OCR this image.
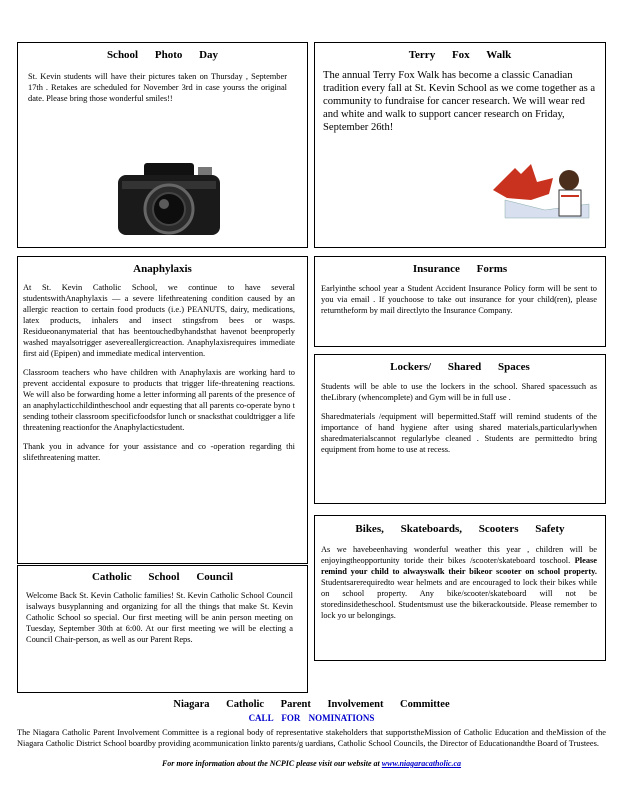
School Photo Day
St. Kevin students will have their pictures taken on Thursday , September 17th . Retakes are scheduled for November 3rd in case yourss the original date. Please bring those wonderful smiles!!
Terry Fox Walk
The annual Terry Fox Walk has become a classic Canadian tradition every fall at St. Kevin School as we come together as a community to fundraise for cancer research. We will wear red and white and walk to support cancer research on Friday, September 26th!
Anaphylaxis

At St. Kevin Catholic School, we continue to have several studentswithAnaphylaxis — a severe lifethreatening condition caused by an allergic reaction to certain food products (i.e.) PEANUTS, dairy, medications, latex products, inhalers and insect stingsfrom bees or wasps. Residueonanymaterial that has beentouchedbyhandsthat havenot beenproperly washed mayalsotrigger asevereallergicreaction. Anaphylaxisrequires immediate first aid (Epipen) and immediate medical intervention.

Classroom teachers who have children with Anaphylaxis are working hard to prevent accidental exposure to products that trigger life-threatening reactions. We will also be forwarding home a letter informing all parents of the presence of an anaphylacticchildintheschool andr equesting that all parents co-operate byno t sending totheir classroom specificfoodsfor lunch or snacksthat couldtrigger a life threatening reactionfor the Anaphylacticstudent.

Thank you in advance for your assistance and co -operation regarding thi slifethreatening matter.

Insurance Forms
Earlyinthe school year a Student Accident Insurance Policy form will be sent to you via email . If youchoose to take out insurance for your child(ren), please returntheform by mail directlyto the Insurance Company.
Lockers/ Shared Spaces

Students will be able to use the lockers in the school. Shared spacessuch as theLibrary (whencomplete) and Gym will be in full use .

Sharedmaterials /equipment will bepermitted.Staff will remind students of the importance of hand hygiene after using shared materials,particularlywhen sharedmaterialscannot regularlybe cleaned . Students are permittedto bring equipment from home to use at recess.

Catholic School Council
Welcome Back St. Kevin Catholic families! St. Kevin Catholic School Council isalways busyplanning and organizing for all the things that make St. Kevin Catholic School so special. Our first meeting will be anin person meeting on Tuesday, September 30th at 6:00. At our first meeting we will be electing a Council Chair-person, as well as our Parent Reps.
Bikes, Skateboards, Scooters Safety
As we havebeenhaving wonderful weather this year , children will be enjoyingtheopportunity toride their bikes /scooter/skateboard toschool. Please remind your child to alwayswalk their bikeor scooter on school property. Studentsarerequiredto wear helmets and are encouraged to lock their bikes while on school property. Any bike/scooter/skateboard will not be storedinsidetheschool. Studentsmust use the bikerackoutside. Please remember to lock yo ur belongings.
Niagara Catholic Parent Involvement Committee
CALL FOR NOMINATIONS
The Niagara Catholic Parent Involvement Committee is a regional body of representative stakeholders that supportstheMission of Catholic Education and theMission of the Niagara Catholic District School boardby providing acommunication linkto parents/g uardians, Catholic School Councils, the Director of Educationandthe Board of Trustees.
For more information about the NCPIC please visit our website at www.niagaracatholic.ca
